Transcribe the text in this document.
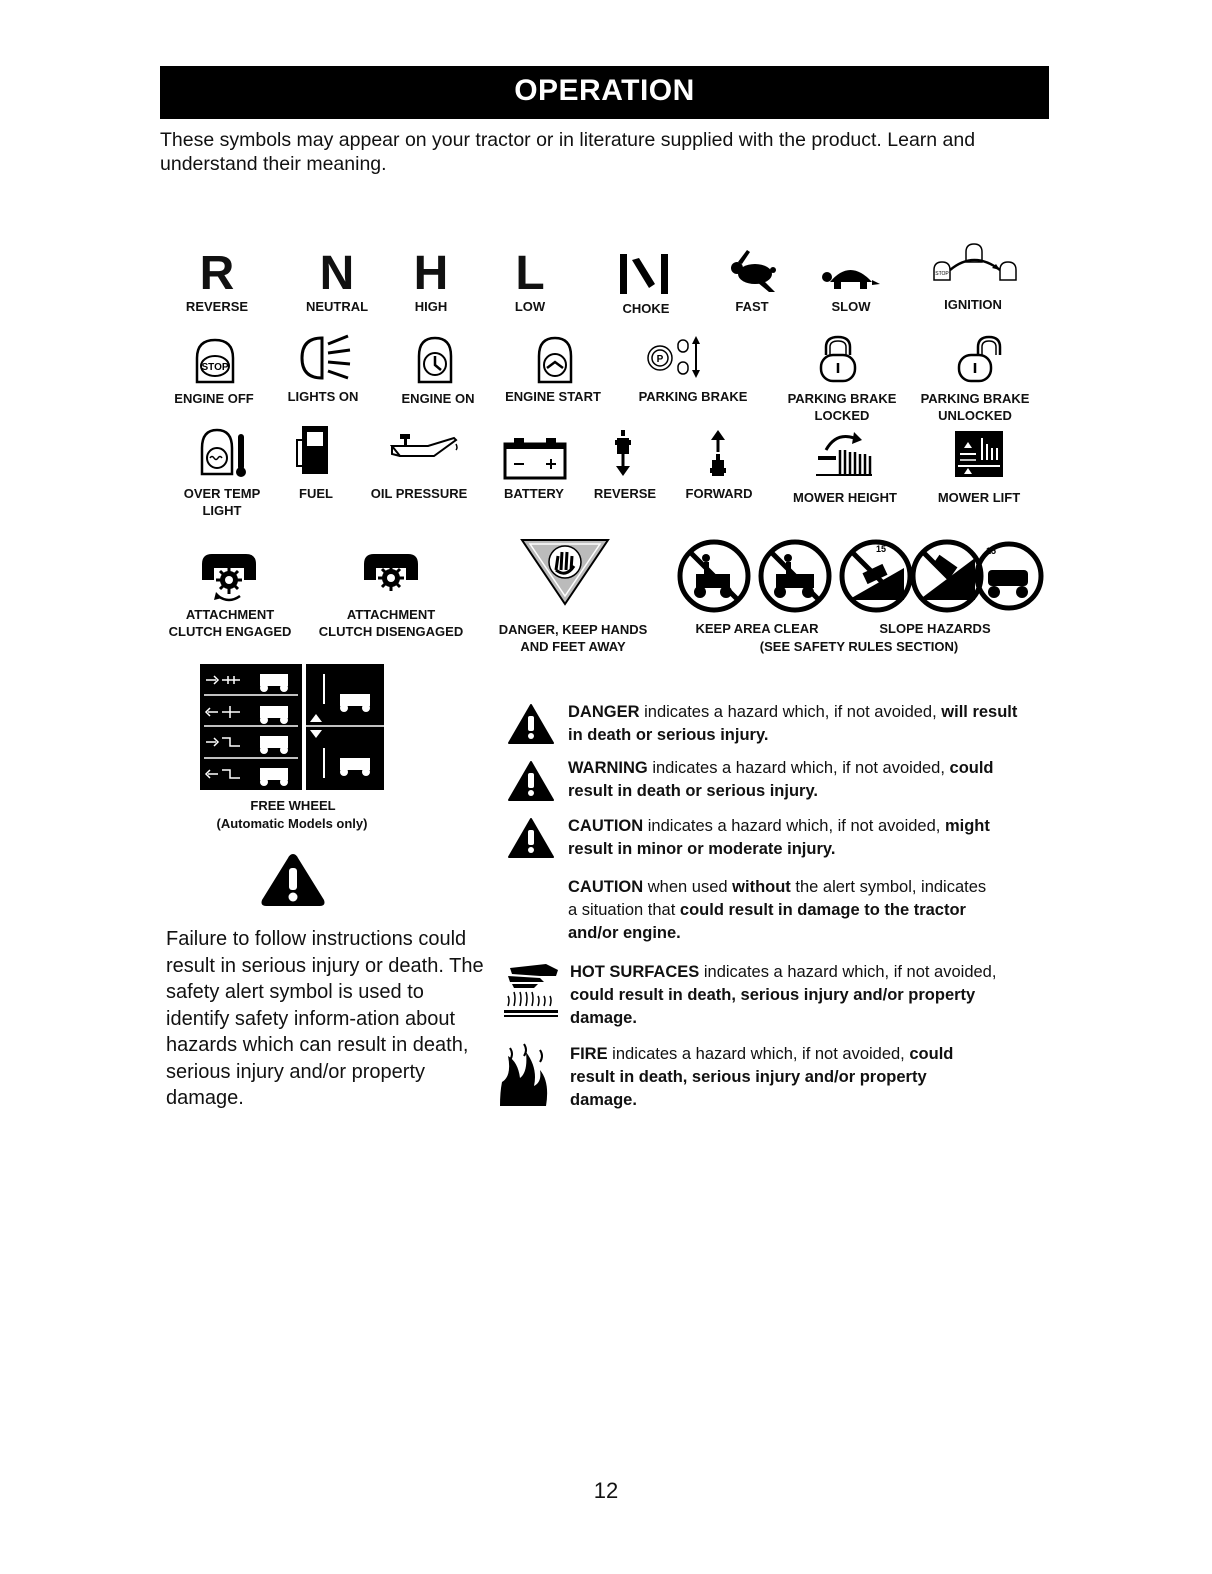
OPERATION
These symbols may appear on your tractor or in literature supplied with the product. Learn and understand their meaning.
R
REVERSE
N
NEUTRAL
H
HIGH
L
LOW	CHOKE	FAST	SLOW
STOP
IGNITION
STOP
ENGINE OFF	LIGHTS ON	ENGINE ON ENGINE START
P
PARKING BRAKE	PARKING BRAKE
LOCKED
PARKING BRAKE
UNLOCKED
OVER TEMP
LIGHT
FUEL	OIL PRESSURE	BATTERY REVERSE FORWARD	MOWER HEIGHT	MOWER LIFT
ATTACHMENT
CLUTCH ENGAGED
ATTACHMENT
CLUTCH DISENGAGED	DANGER, KEEP HANDS
AND FEET AWAY
15	15
KEEP AREA CLEAR	SLOPE HAZARDS
(SEE SAFETY RULES SECTION)
FREE WHEEL
(Automatic Models only)
Failure to follow instructions could result in serious injury or death. The safety alert symbol is used to identify safety inform-ation about hazards which can result in death, serious injury and/or property damage.
DANGER indicates a hazard which, if not avoided, will result in death or serious injury.
WARNING indicates a hazard which, if not avoided, could result in death or serious injury.
CAUTION indicates a hazard which, if not avoided, might result in minor or moderate injury.
CAUTION when used without the alert symbol, indicates a situation that could result in damage to the tractor and/or engine.
HOT SURFACES indicates a hazard which, if not avoided, could result in death, serious injury and/or property damage.
FIRE indicates a hazard which, if not avoided, could result in death, serious injury and/or property damage.
12
